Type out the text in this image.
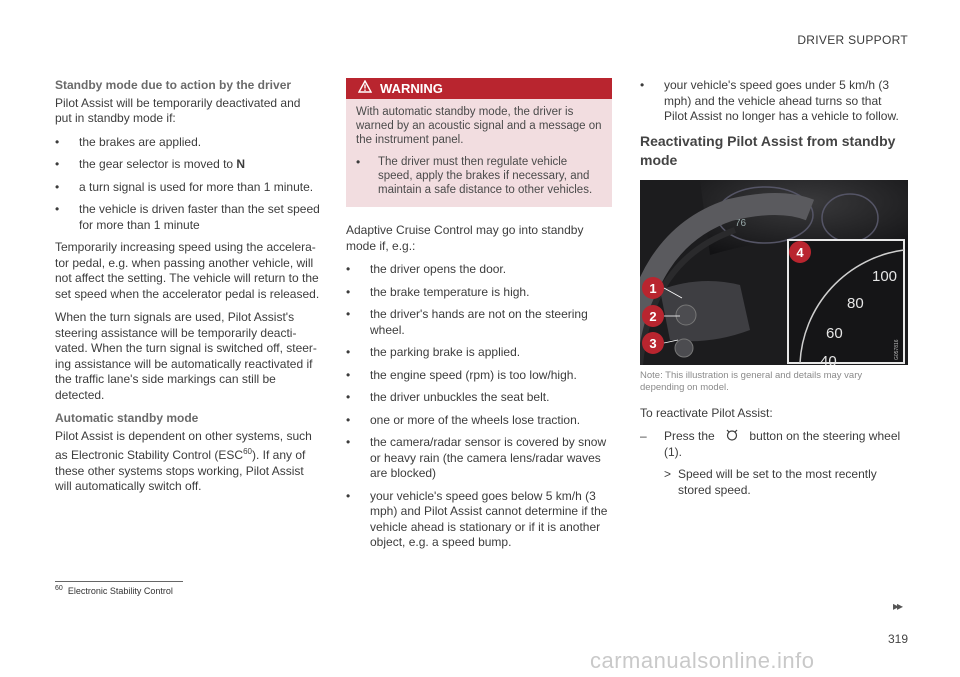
DRIVER SUPPORT
Standby mode due to action by the driver

Pilot Assist will be temporarily deactivated and put in standby mode if:

• the brakes are applied.
• the gear selector is moved to N
• a turn signal is used for more than 1 minute.
• the vehicle is driven faster than the set speed for more than 1 minute

Temporarily increasing speed using the accelera-tor pedal, e.g. when passing another vehicle, will not affect the setting. The vehicle will return to the set speed when the accelerator pedal is released.

When the turn signals are used, Pilot Assist's steering assistance will be temporarily deacti-vated. When the turn signal is switched off, steer-ing assistance will be automatically reactivated if the traffic lane's side markings can still be detected.

Automatic standby mode

Pilot Assist is dependent on other systems, such as Electronic Stability Control (ESC$^{60}$). If any of these other systems stops working, Pilot Assist will automatically switch off.

WARNING

With automatic standby mode, the driver is warned by an acoustic signal and a message on the instrument panel.

• The driver must then regulate vehicle speed, apply the brakes if necessary, and maintain a safe distance to other vehicles.

Adaptive Cruise Control may go into standby mode if, e.g.:

• the driver opens the door.
• the brake temperature is high.
• the driver's hands are not on the steering wheel.
• the parking brake is applied.
• the engine speed (rpm) is too low/high.
• the driver unbuckles the seat belt.
• one or more of the wheels lose traction.
• the camera/radar sensor is covered by snow or heavy rain (the camera lens/radar waves are blocked)
• your vehicle's speed goes below 5 km/h (3 mph) and Pilot Assist cannot determine if the vehicle ahead is stationary or if it is another object, e.g. a speed bump.
• your vehicle's speed goes under 5 km/h (3 mph) and the vehicle ahead turns so that Pilot Assist no longer has a vehicle to follow.
Reactivating Pilot Assist from standby mode
76
100
80
60
40
G057816
1
2
3
4
Note: This illustration is general and details may vary depending on model.

To reactivate Pilot Assist:

– Press the	button on the steering wheel (1).
> Speed will be set to the most recently stored speed.
$^{60}$ Electronic Stability Control
▸▸
319
carmanualsonline.info
